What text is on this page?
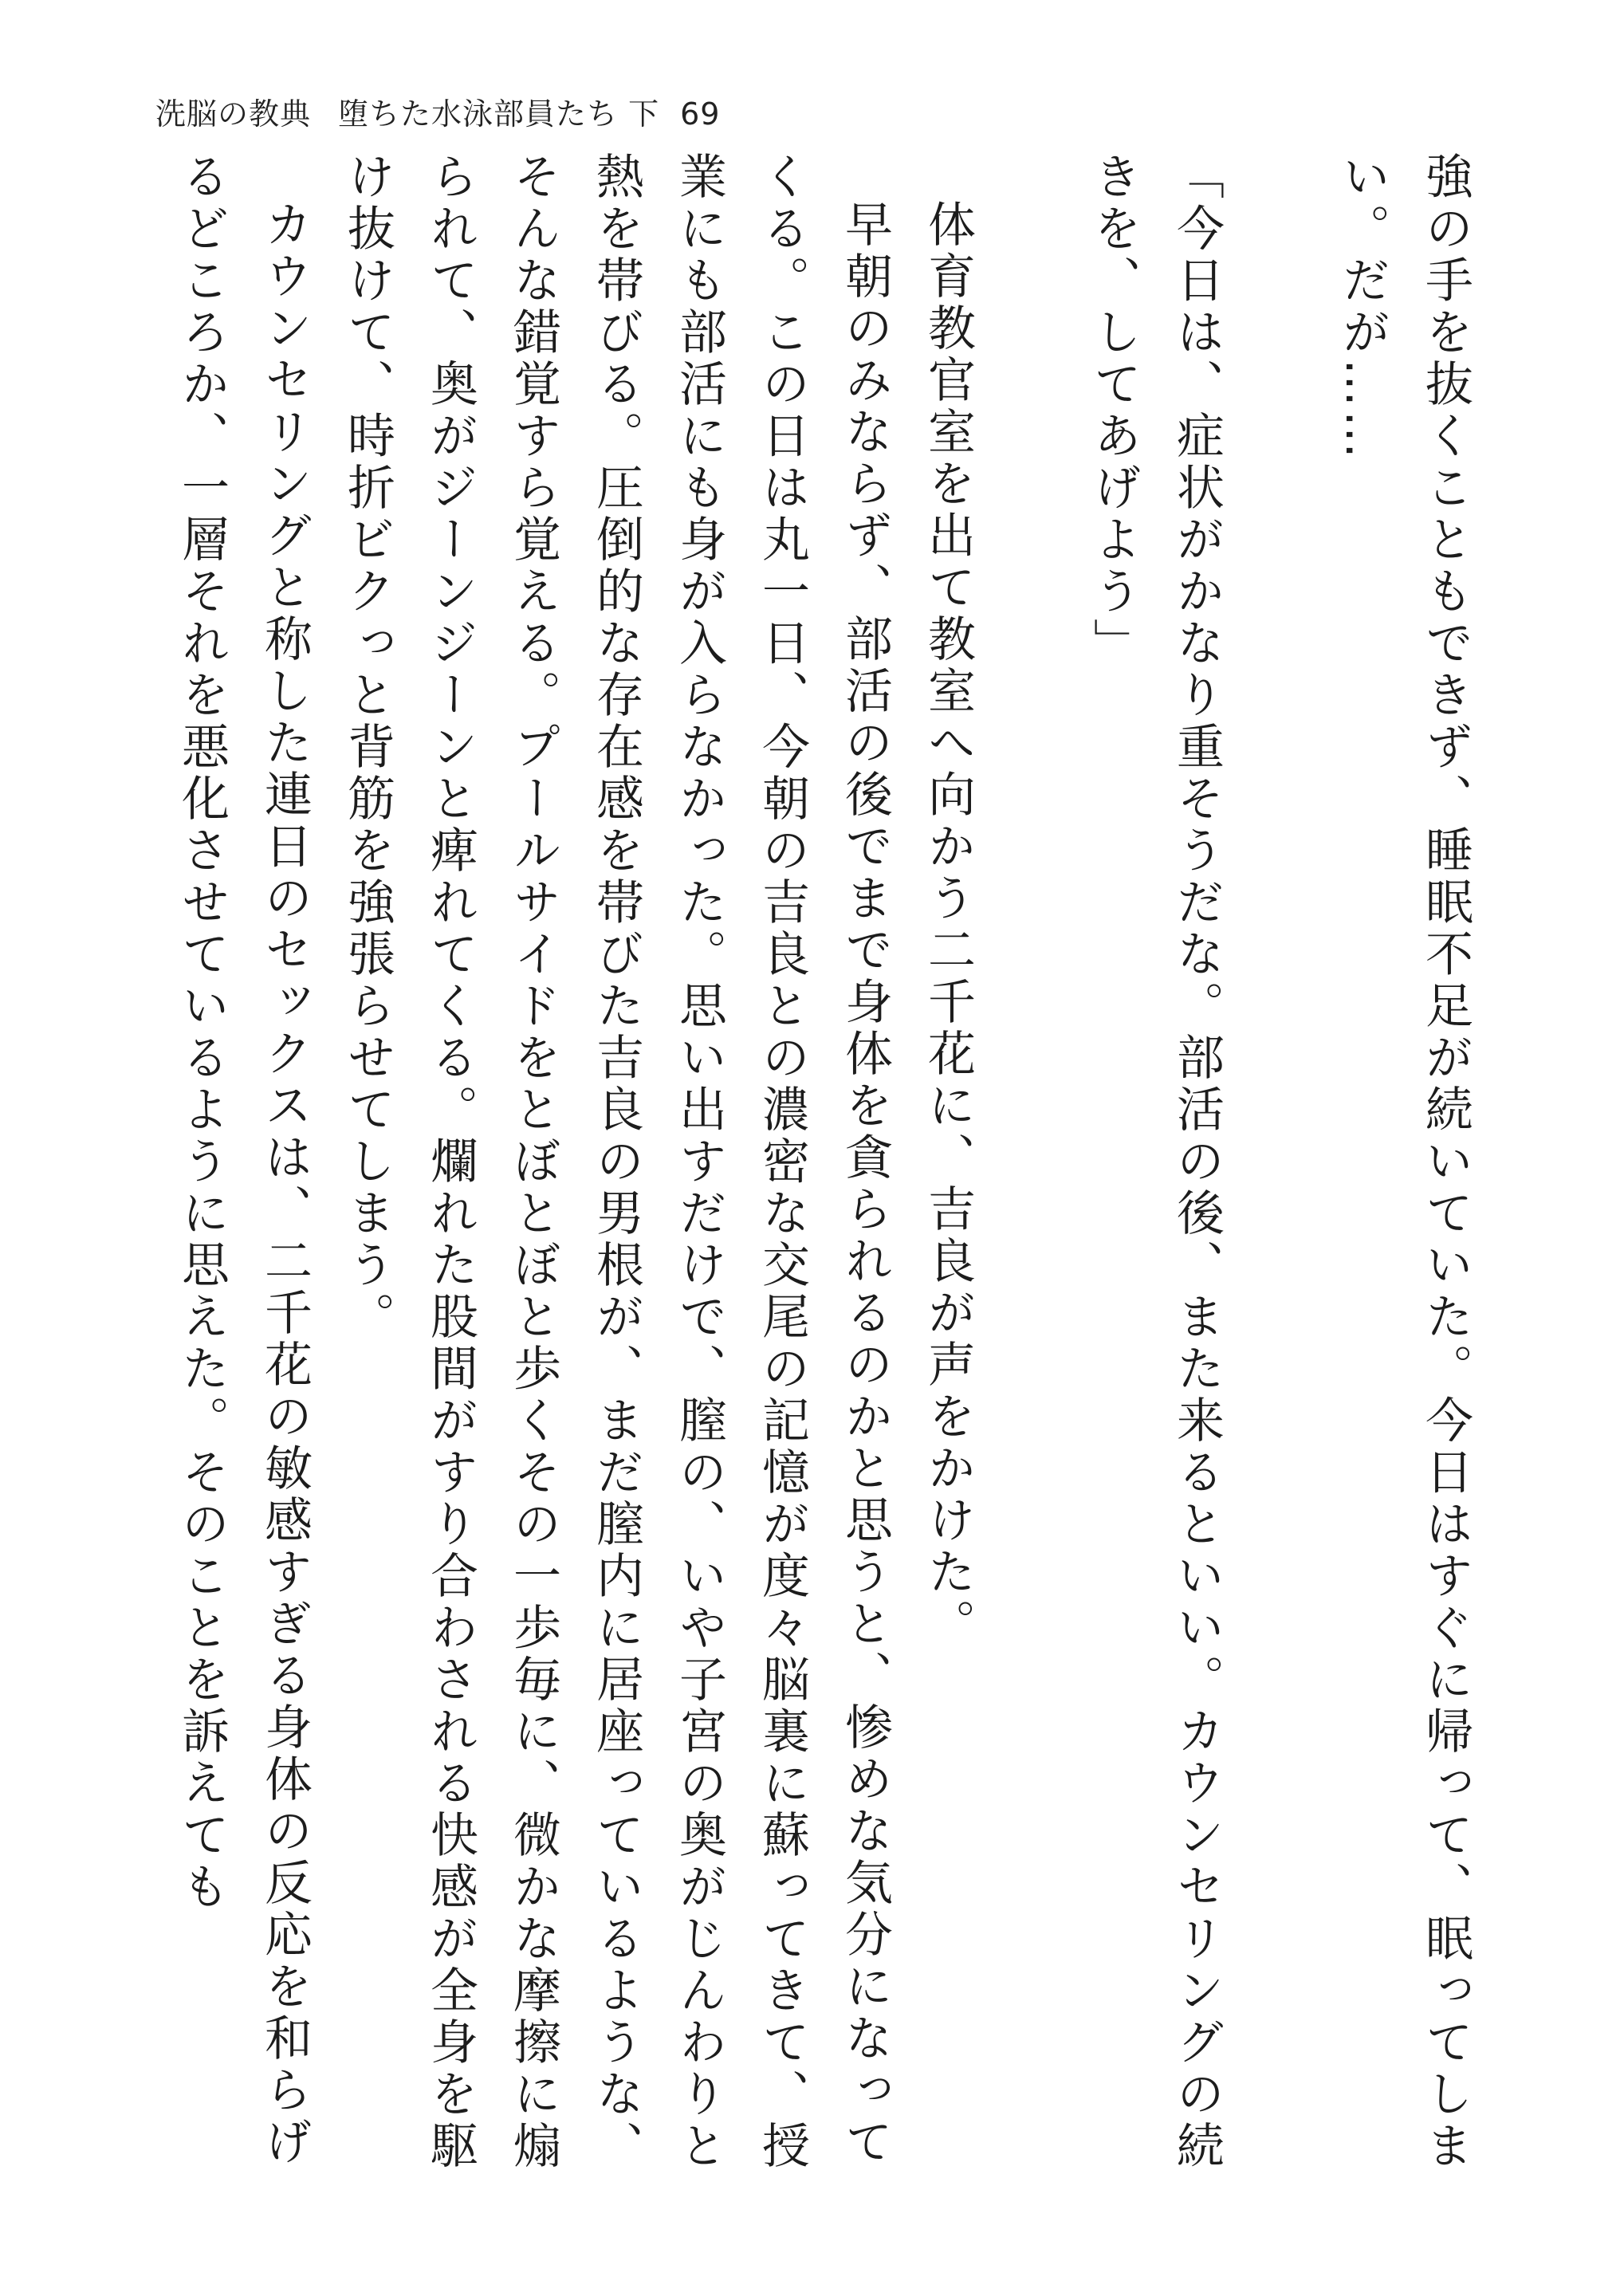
洗脳の教典 堕ちた水泳部員たち 下 69

強の手を抜くこともできず、睡眠不足が続いていた。今日はすぐに帰って、眠ってしまい。だが……

「今日は、症状がかなり重そうだな。部活の後、また来るといい。カウンセリングの続きを、してあげよう」

体育教官室を出て教室へ向かう二千花に、吉良が声をかけた。

早朝のみならず、部活の後でまで身体を貪られるのかと思うと、惨めな気分になってくる。この日は丸一日、今朝の吉良との濃密な交尾の記憶が度々脳裏に蘇ってきて、授業にも部活にも身が入らなかった。思い出すだけで、膣の、いや子宮の奥がじんわりと熱を帯びる。圧倒的な存在感を帯びた吉良の男根が、まだ膣内に居座っているような、そんな錯覚すら覚える。プールサイドをとぼとぼと歩くその一歩毎に、微かな摩擦に煽られて、奥がジーンジーンと痺れてくる。爛れた股間がすり合わされる快感が全身を駆け抜けて、時折ビクっと背筋を強張らせてしまう。

カウンセリングと称した連日のセックスは、二千花の敏感すぎる身体の反応を和らげるどころか、一層それを悪化させているように思えた。そのことを訴えても
